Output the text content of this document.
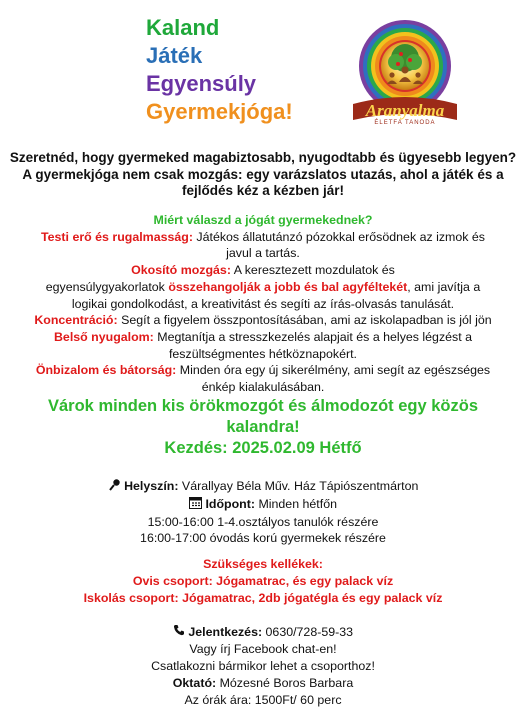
Kaland
Játék
Egyensúly
Gyermekjóga!	Aranyalma
ÉLETFA TANODA
Szeretnéd, hogy gyermeked magabiztosabb, nyugodtabb és ügyesebb legyen?
A gyermekjóga nem csak mozgás: egy varázslatos utazás, ahol a játék és a
fejlődés kéz a kézben jár!
Miért válaszd a jógát gyermekednek?
Testi erő és rugalmasság: Játékos állatutánzó pózokkal erősödnek az izmok és
javul a tartás.
Okosító mozgás: A keresztezett mozdulatok és
egyensúlygyakorlatok összehangolják a jobb és bal agyféltekét, ami javítja a
logikai gondolkodást, a kreativitást és segíti az írás-olvasás tanulását.
Koncentráció: Segít a figyelem összpontosításában, ami az iskolapadban is jól jön
Belső nyugalom: Megtanítja a stresszkezelés alapjait és a helyes légzést a
feszültségmentes hétköznapokért.
Önbizalom és bátorság: Minden óra egy új sikerélmény, ami segít az egészséges
énkép kialakulásában.
Várok minden kis örökmozgót és álmodozót egy közös
kalandra!
Kezdés: 2025.02.09 Hétfő
Helyszín: Várallyay Béla Műv. Ház Tápiószentmárton
Időpont: Minden hétfőn
15:00-16:00 1-4.osztályos tanulók részére
16:00-17:00 óvodás korú gyermekek részére
Szükséges kellékek:
Ovis csoport: Jógamatrac, és egy palack víz
Iskolás csoport: Jógamatrac, 2db jógatégla és egy palack víz
Jelentkezés: 0630/728-59-33
Vagy írj Facebook chat-en!
Csatlakozni bármikor lehet a csoporthoz!
Oktató: Mózesné Boros Barbara
Az órák ára: 1500Ft/ 60 perc
